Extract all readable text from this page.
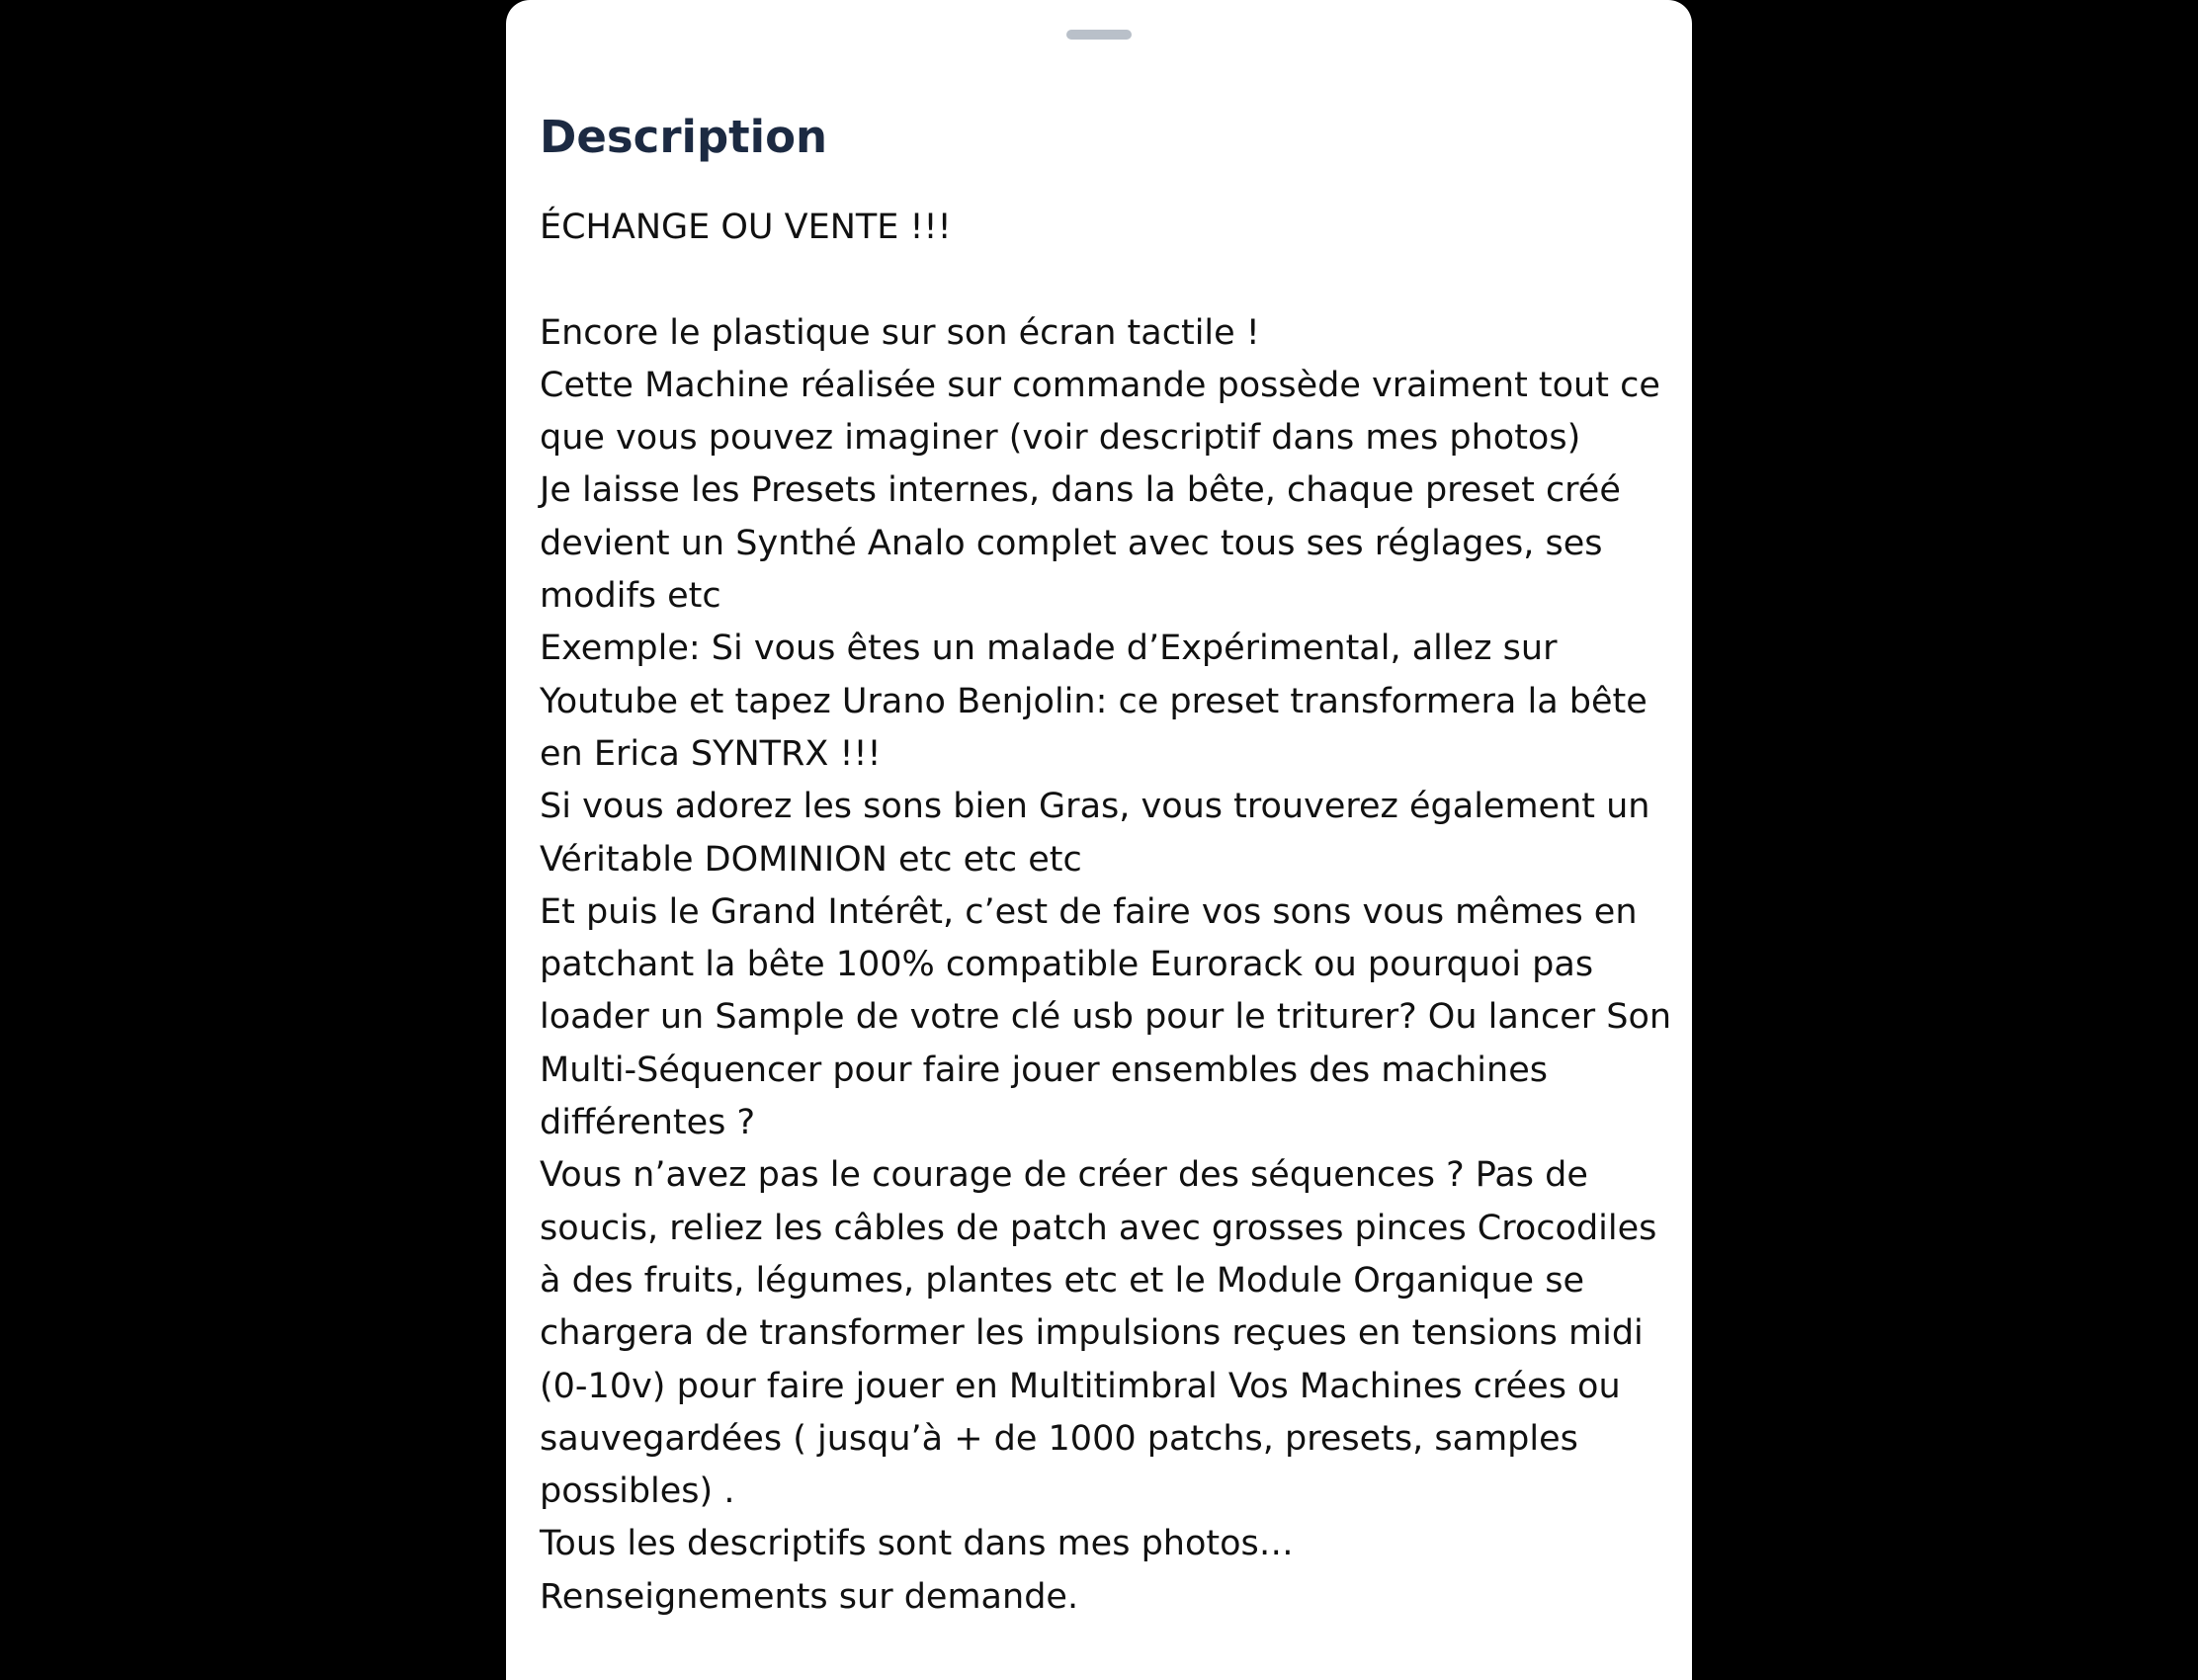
Description
ÉCHANGE OU VENTE !!!
Encore le plastique sur son écran tactile !
Cette Machine réalisée sur commande possède vraiment tout ce
que vous pouvez imaginer (voir descriptif dans mes photos)
Je laisse les Presets internes, dans la bête, chaque preset créé
devient un Synthé Analo complet avec tous ses réglages, ses
modifs etc
Exemple: Si vous êtes un malade d’Expérimental, allez sur
Youtube et tapez Urano Benjolin: ce preset transformera la bête
en Erica SYNTRX !!!
Si vous adorez les sons bien Gras, vous trouverez également un
Véritable DOMINION etc etc etc
Et puis le Grand Intérêt, c’est de faire vos sons vous mêmes en
patchant la bête 100% compatible Eurorack ou pourquoi pas
loader un Sample de votre clé usb pour le triturer? Ou lancer Son
Multi-Séquencer pour faire jouer ensembles des machines
différentes ?
Vous n’avez pas le courage de créer des séquences ? Pas de
soucis, reliez les câbles de patch avec grosses pinces Crocodiles
à des fruits, légumes, plantes etc et le Module Organique se
chargera de transformer les impulsions reçues en tensions midi
(0-10v) pour faire jouer en Multitimbral Vos Machines crées ou
sauvegardées ( jusqu’à + de 1000 patchs, presets, samples
possibles) .
Tous les descriptifs sont dans mes photos…
Renseignements sur demande.
